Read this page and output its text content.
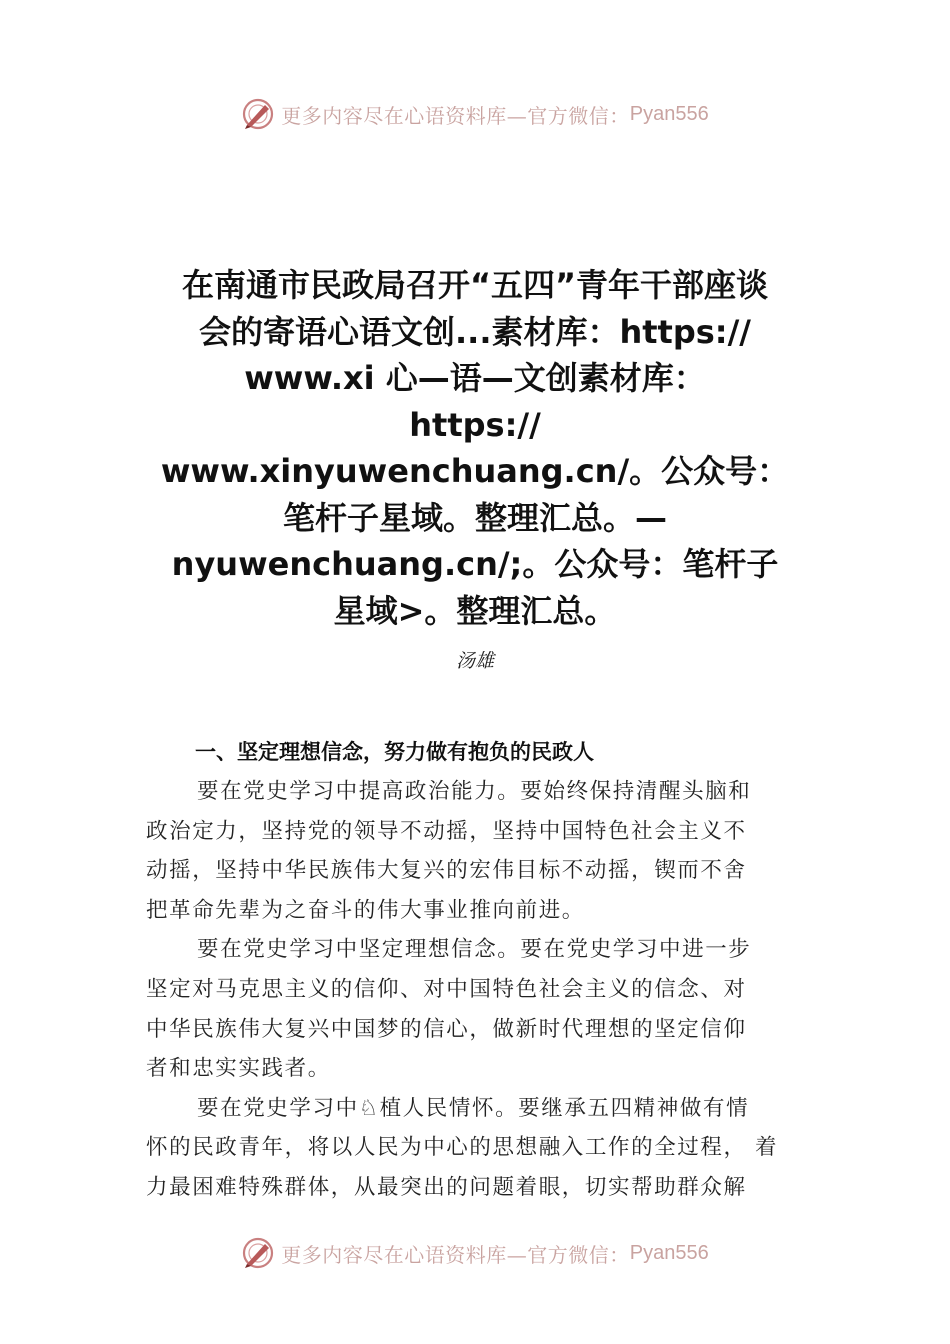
更多内容尽在心语资料库—官方微信： Pyan556
在南通市民政局召开“五四”青年干部座谈
会的寄语心语文创...素材库：https://
www.xi 心—语—文创素材库：
https://
www.xinyuwenchuang.cn/。公众号：
笔杆子星域。整理汇总。—
nyuwenchuang.cn/;。公众号：笔杆子
星域>。整理汇总。
汤雄
一、坚定理想信念，努力做有抱负的民政人

要在党史学习中提高政治能力。要始终保持清醒头脑和
政治定力，坚持党的领导不动摇，坚持中国特色社会主义不
动摇，坚持中华民族伟大复兴的宏伟目标不动摇，锲而不舍
把革命先辈为之奋斗的伟大事业推向前进。

要在党史学习中坚定理想信念。要在党史学习中进一步
坚定对马克思主义的信仰、对中国特色社会主义的信念、对
中华民族伟大复兴中国梦的信心，做新时代理想的坚定信仰
者和忠实实践者。

要在党史学习中♘植人民情怀。要继承五四精神做有情
怀的民政青年，将以人民为中心的思想融入工作的全过程， 着
力最困难特殊群体，从最突出的问题着眼，切实帮助群众解

更多内容尽在心语资料库—官方微信： Pyan556
